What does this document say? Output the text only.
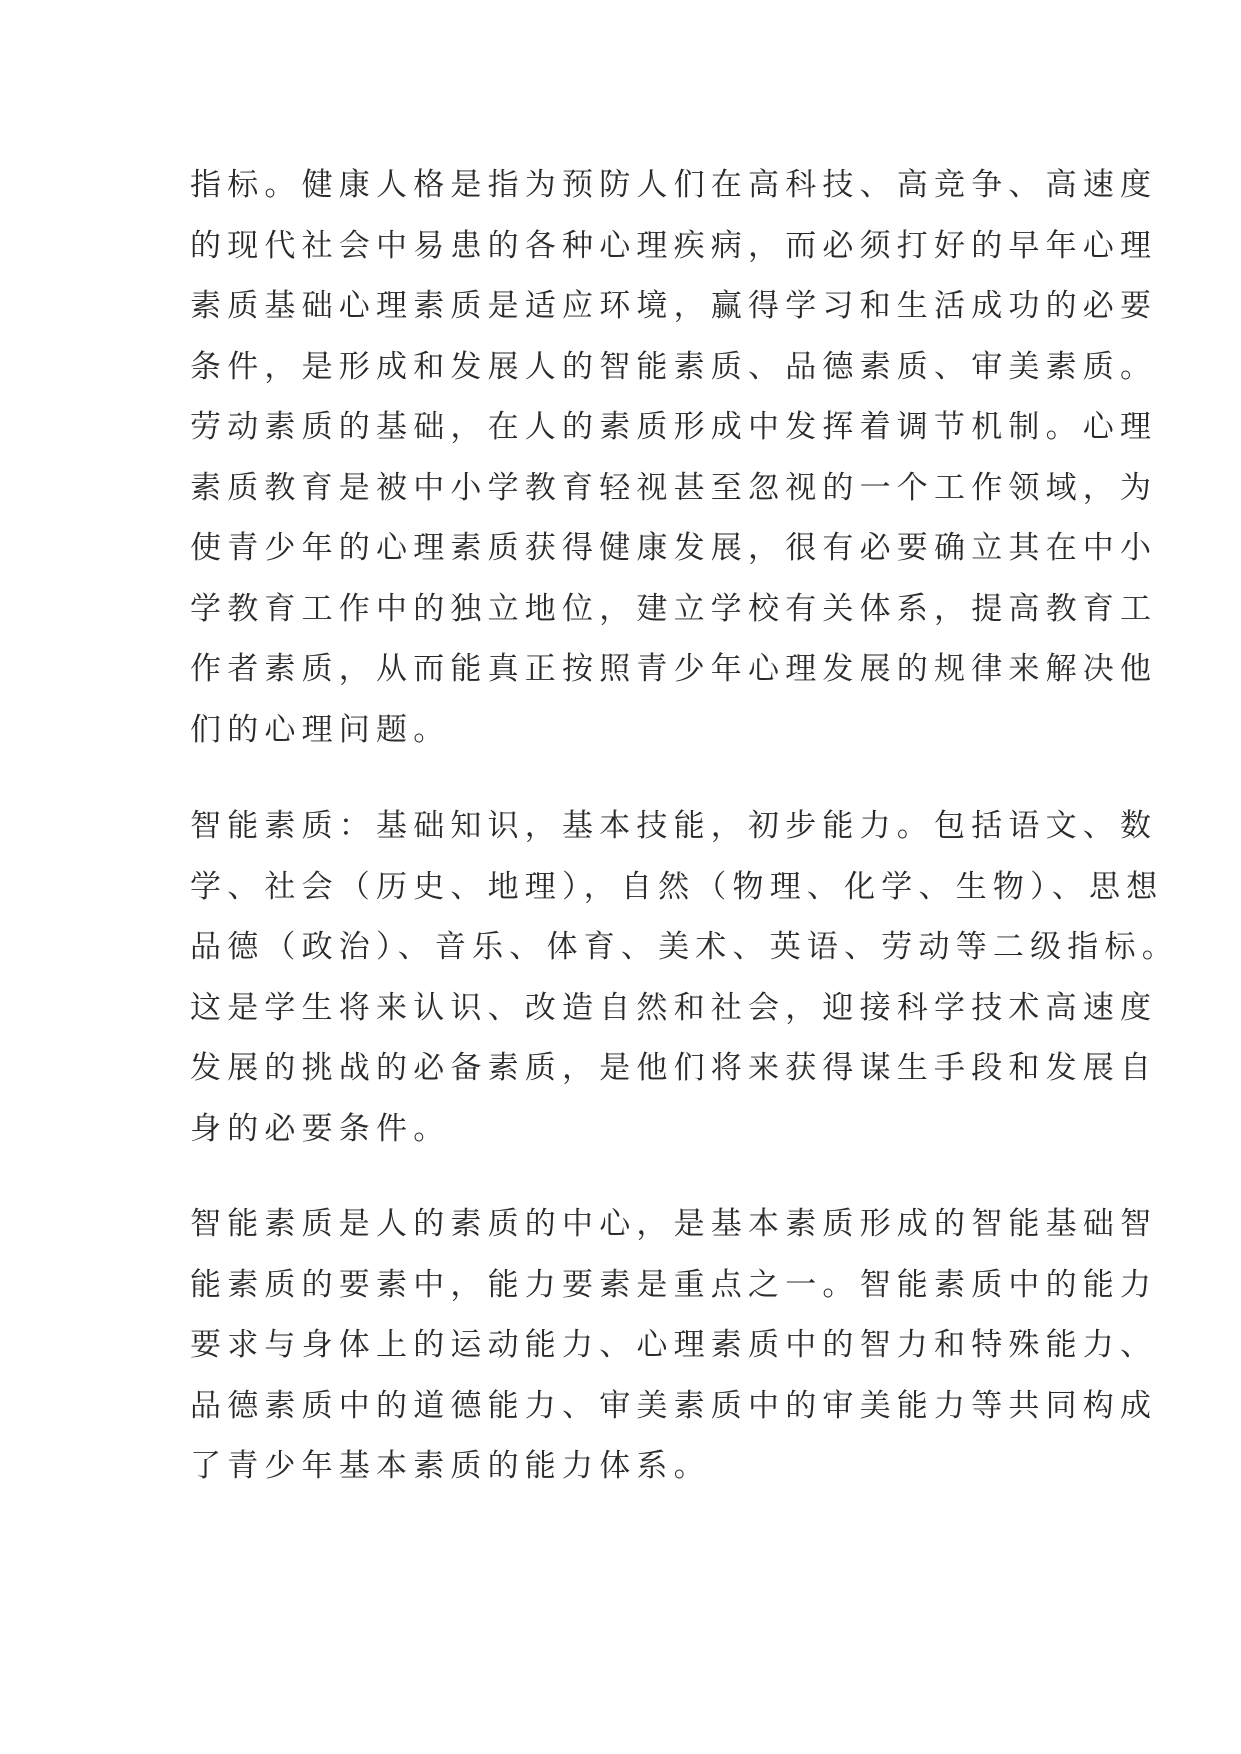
指标。健康人格是指为预防人们在高科技、高竞争、高速度
的现代社会中易患的各种心理疾病，而必须打好的早年心理
素质基础心理素质是适应环境，赢得学习和生活成功的必要
条件，是形成和发展人的智能素质、品德素质、审美素质。
劳动素质的基础，在人的素质形成中发挥着调节机制。心理
素质教育是被中小学教育轻视甚至忽视的一个工作领域，为
使青少年的心理素质获得健康发展，很有必要确立其在中小
学教育工作中的独立地位，建立学校有关体系，提高教育工
作者素质，从而能真正按照青少年心理发展的规律来解决他
们的心理问题。
智能素质：基础知识，基本技能，初步能力。包括语文、数
学、社会（历史、地理），自然（物理、化学、生物）、思想
品德（政治）、音乐、体育、美术、英语、劳动等二级指标。
这是学生将来认识、改造自然和社会，迎接科学技术高速度
发展的挑战的必备素质，是他们将来获得谋生手段和发展自
身的必要条件。
智能素质是人的素质的中心，是基本素质形成的智能基础智
能素质的要素中，能力要素是重点之一。智能素质中的能力
要求与身体上的运动能力、心理素质中的智力和特殊能力、
品德素质中的道德能力、审美素质中的审美能力等共同构成
了青少年基本素质的能力体系。
